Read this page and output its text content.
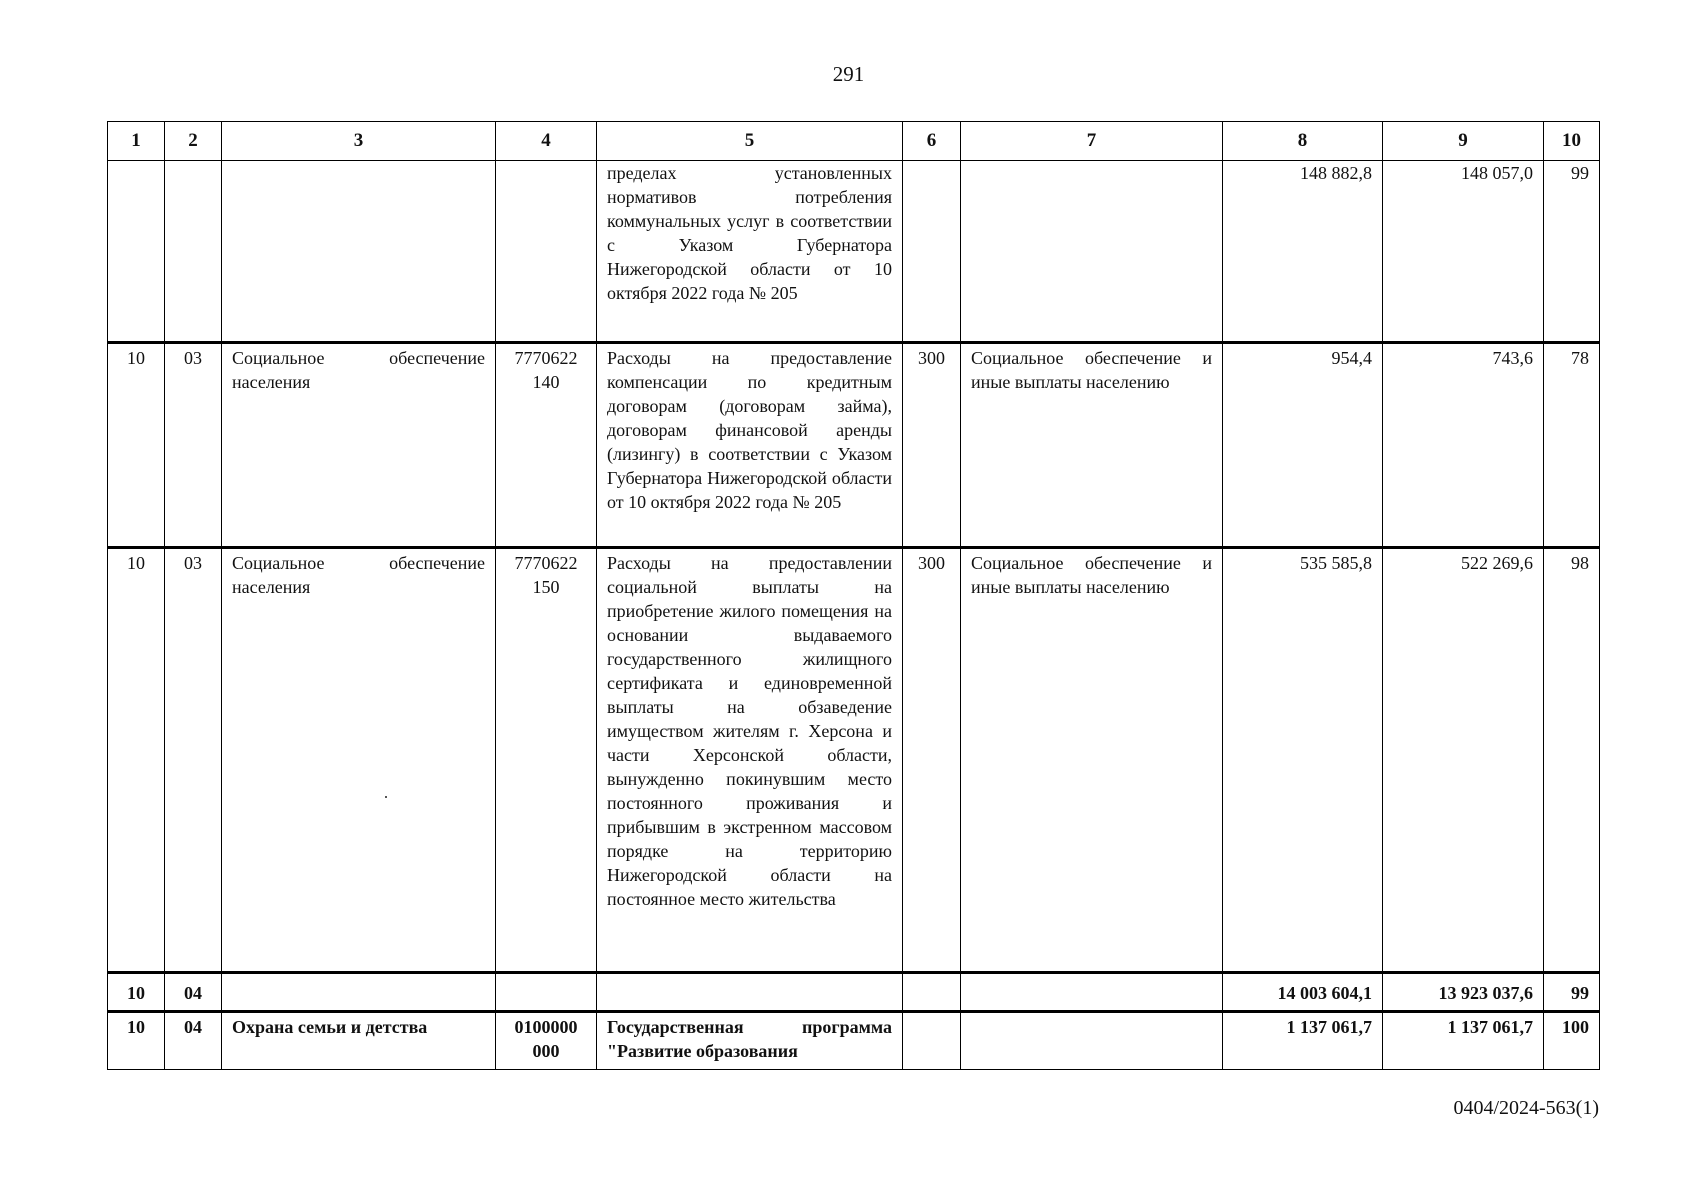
291
1	2	3	4	5	6	7	8	9	10
				пределах установленных нормативов потребления коммунальных услуг в соответствии с Указом Губернатора Нижегородской области от 10 октября 2022 года № 205			148 882,8	148 057,0	99
10	03	Социальное обеспечение населения	7770622 140	Расходы на предоставление компенсации по кредитным договорам (договорам займа), договорам финансовой аренды (лизингу) в соответствии с Указом Губернатора Нижегородской области от 10 октября 2022 года № 205	300	Социальное обеспечение и иные выплаты населению	954,4	743,6	78
10	03	Социальное обеспечение населения	7770622 150	Расходы на предоставлении социальной выплаты на приобретение жилого помещения на основании выдаваемого государственного жилищного сертификата и единовременной выплаты на обзаведение имуществом жителям г. Херсона и части Херсонской области, вынужденно покинувшим место постоянного проживания и прибывшим в экстренном массовом порядке на территорию Нижегородской области на постоянное место жительства	300	Социальное обеспечение и иные выплаты населению	535 585,8	522 269,6	98
10	04						14 003 604,1	13 923 037,6	99
10	04	Охрана семьи и детства	0100000 000	Государственная программа "Развитие образования			1 137 061,7	1 137 061,7	100
0404/2024-563(1)
